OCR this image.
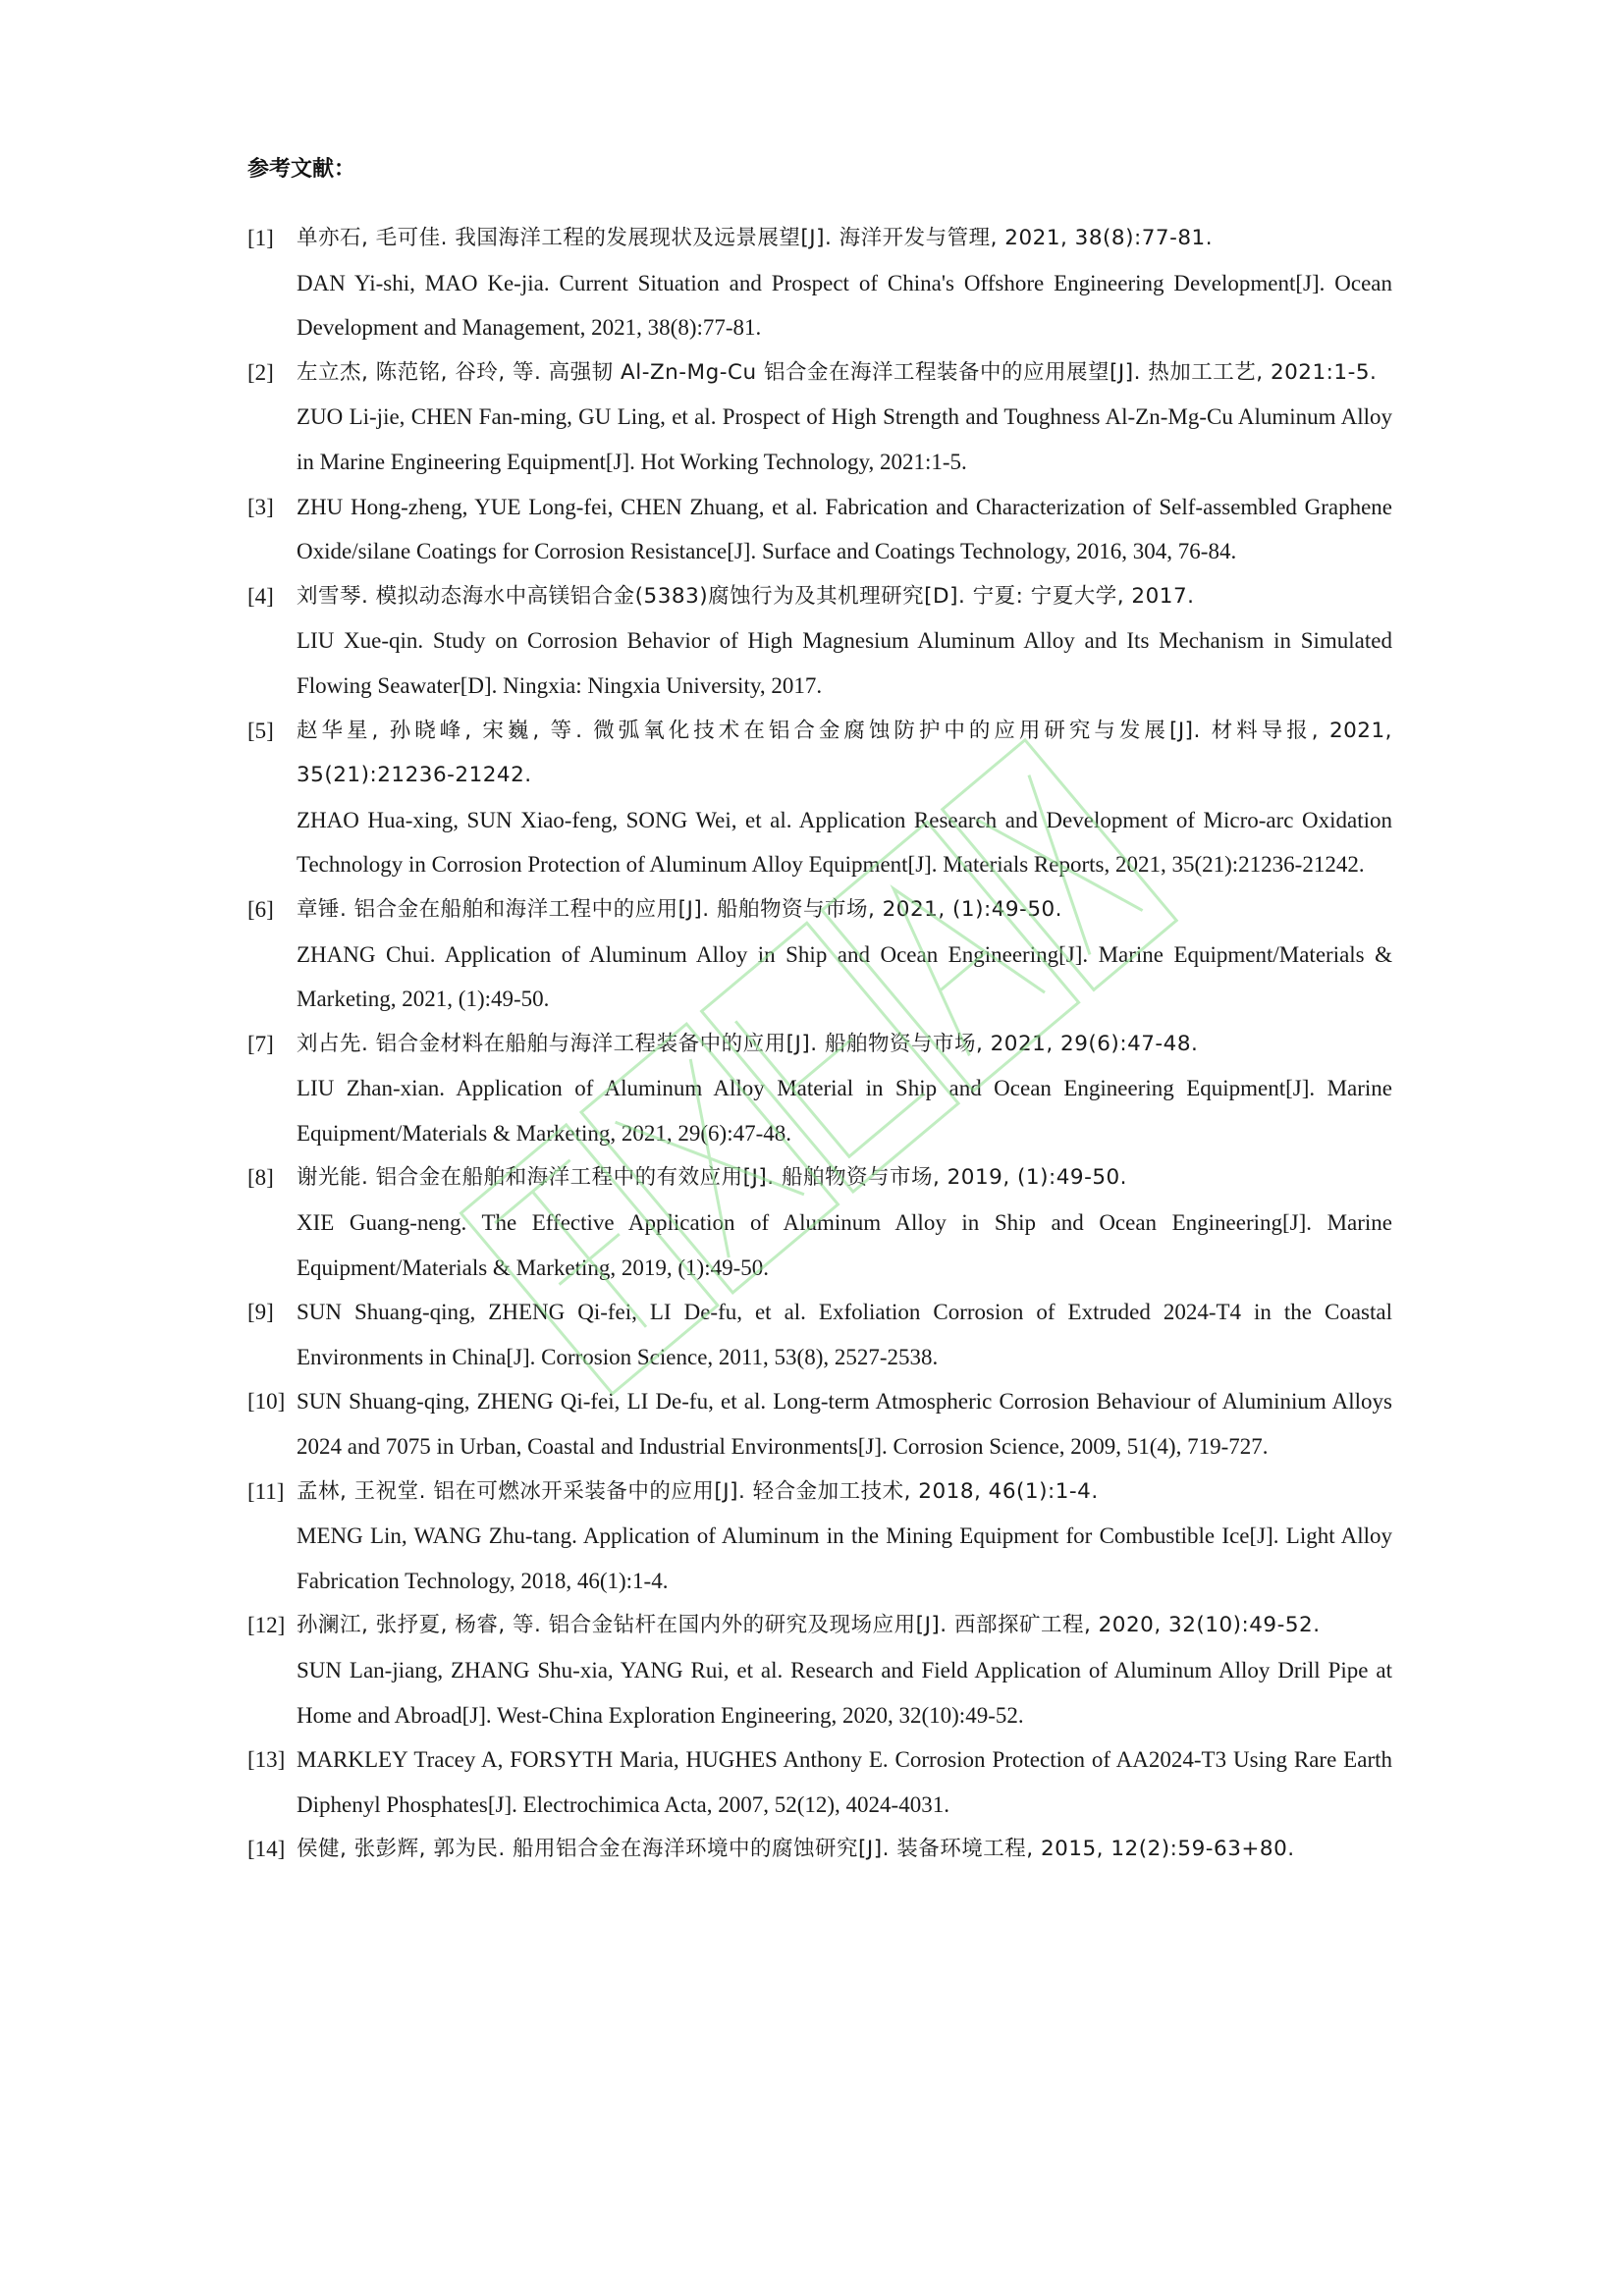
参考文献：
[1]	单亦石, 毛可佳. 我国海洋工程的发展现状及远景展望[J]. 海洋开发与管理, 2021, 38(8):77-81.

DAN Yi-shi, MAO Ke-jia. Current Situation and Prospect of China's Offshore Engineering Development[J]. Ocean Development and Management, 2021, 38(8):77-81.

[2]	左立杰, 陈范铭, 谷玲, 等. 高强韧 Al-Zn-Mg-Cu 铝合金在海洋工程装备中的应用展望[J]. 热加工工艺, 2021:1-5.

ZUO Li-jie, CHEN Fan-ming, GU Ling, et al. Prospect of High Strength and Toughness Al-Zn-Mg-Cu Aluminum Alloy in Marine Engineering Equipment[J]. Hot Working Technology, 2021:1-5.

[3]	ZHU Hong-zheng, YUE Long-fei, CHEN Zhuang, et al. Fabrication and Characterization of Self-assembled Graphene Oxide/silane Coatings for Corrosion Resistance[J]. Surface and Coatings Technology, 2016, 304, 76-84.

[4]	刘雪琴. 模拟动态海水中高镁铝合金(5383)腐蚀行为及其机理研究[D]. 宁夏: 宁夏大学, 2017.

LIU Xue-qin. Study on Corrosion Behavior of High Magnesium Aluminum Alloy and Its Mechanism in Simulated Flowing Seawater[D]. Ningxia: Ningxia University, 2017.

[5]	赵华星, 孙晓峰, 宋巍, 等. 微弧氧化技术在铝合金腐蚀防护中的应用研究与发展[J]. 材料导报, 2021, 35(21):21236-21242.

ZHAO Hua-xing, SUN Xiao-feng, SONG Wei, et al. Application Research and Development of Micro-arc Oxidation Technology in Corrosion Protection of Aluminum Alloy Equipment[J]. Materials Reports, 2021, 35(21):21236-21242.

[6]	章锤. 铝合金在船舶和海洋工程中的应用[J]. 船舶物资与市场, 2021, (1):49-50.

ZHANG Chui. Application of Aluminum Alloy in Ship and Ocean Engineering[J]. Marine Equipment/Materials & Marketing, 2021, (1):49-50.

[7]	刘占先. 铝合金材料在船舶与海洋工程装备中的应用[J]. 船舶物资与市场, 2021, 29(6):47-48.

LIU Zhan-xian. Application of Aluminum Alloy Material in Ship and Ocean Engineering Equipment[J]. Marine Equipment/Materials & Marketing, 2021, 29(6):47-48.

[8]	谢光能. 铝合金在船舶和海洋工程中的有效应用[J]. 船舶物资与市场, 2019, (1):49-50.

XIE Guang-neng. The Effective Application of Aluminum Alloy in Ship and Ocean Engineering[J]. Marine Equipment/Materials & Marketing, 2019, (1):49-50.

[9]	SUN Shuang-qing, ZHENG Qi-fei, LI De-fu, et al. Exfoliation Corrosion of Extruded 2024-T4 in the Coastal Environments in China[J]. Corrosion Science, 2011, 53(8), 2527-2538.

[10] SUN Shuang-qing, ZHENG Qi-fei, LI De-fu, et al. Long-term Atmospheric Corrosion Behaviour of Aluminium Alloys 2024 and 7075 in Urban, Coastal and Industrial Environments[J]. Corrosion Science, 2009, 51(4), 719-727.

[11] 孟林, 王祝堂. 铝在可燃冰开采装备中的应用[J]. 轻合金加工技术, 2018, 46(1):1-4.

MENG Lin, WANG Zhu-tang. Application of Aluminum in the Mining Equipment for Combustible Ice[J]. Light Alloy Fabrication Technology, 2018, 46(1):1-4.

[12] 孙澜江, 张抒夏, 杨睿, 等. 铝合金钻杆在国内外的研究及现场应用[J]. 西部探矿工程, 2020, 32(10):49-52.

SUN Lan-jiang, ZHANG Shu-xia, YANG Rui, et al. Research and Field Application of Aluminum Alloy Drill Pipe at Home and Abroad[J]. West-China Exploration Engineering, 2020, 32(10):49-52.

[13] MARKLEY Tracey A, FORSYTH Maria, HUGHES Anthony E. Corrosion Protection of AA2024-T3 Using Rare Earth Diphenyl Phosphates[J]. Electrochimica Acta, 2007, 52(12), 4024-4031.

[14] 侯健, 张彭辉, 郭为民. 船用铝合金在海洋环境中的腐蚀研究[J]. 装备环境工程, 2015, 12(2):59-63+80.
